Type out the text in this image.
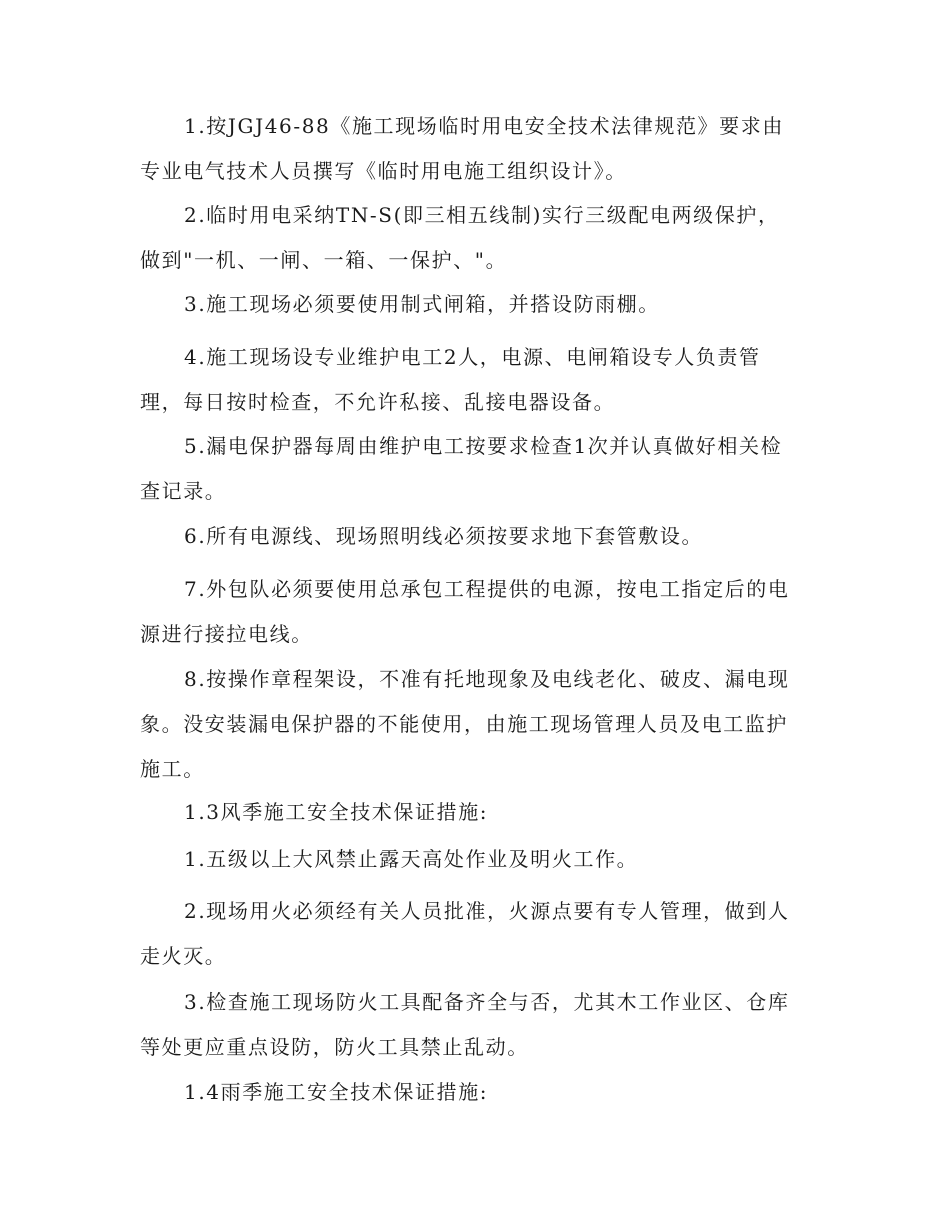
1.按JGJ46-88《施工现场临时用电安全技术法律规范》要求由专业电气技术人员撰写《临时用电施工组织设计》。

2.临时用电采纳TN-S(即三相五线制)实行三级配电两级保护，做到"一机、一闸、一箱、一保护、"。

3.施工现场必须要使用制式闸箱，并搭设防雨棚。

4.施工现场设专业维护电工2人，电源、电闸箱设专人负责管理，每日按时检查，不允许私接、乱接电器设备。

5.漏电保护器每周由维护电工按要求检查1次并认真做好相关检查记录。

6.所有电源线、现场照明线必须按要求地下套管敷设。

7.外包队必须要使用总承包工程提供的电源，按电工指定后的电源进行接拉电线。

8.按操作章程架设，不准有托地现象及电线老化、破皮、漏电现象。没安装漏电保护器的不能使用，由施工现场管理人员及电工监护施工。

1.3风季施工安全技术保证措施:

1.五级以上大风禁止露天高处作业及明火工作。

2.现场用火必须经有关人员批准，火源点要有专人管理，做到人走火灭。

3.检查施工现场防火工具配备齐全与否，尤其木工作业区、仓库等处更应重点设防，防火工具禁止乱动。

1.4雨季施工安全技术保证措施:
